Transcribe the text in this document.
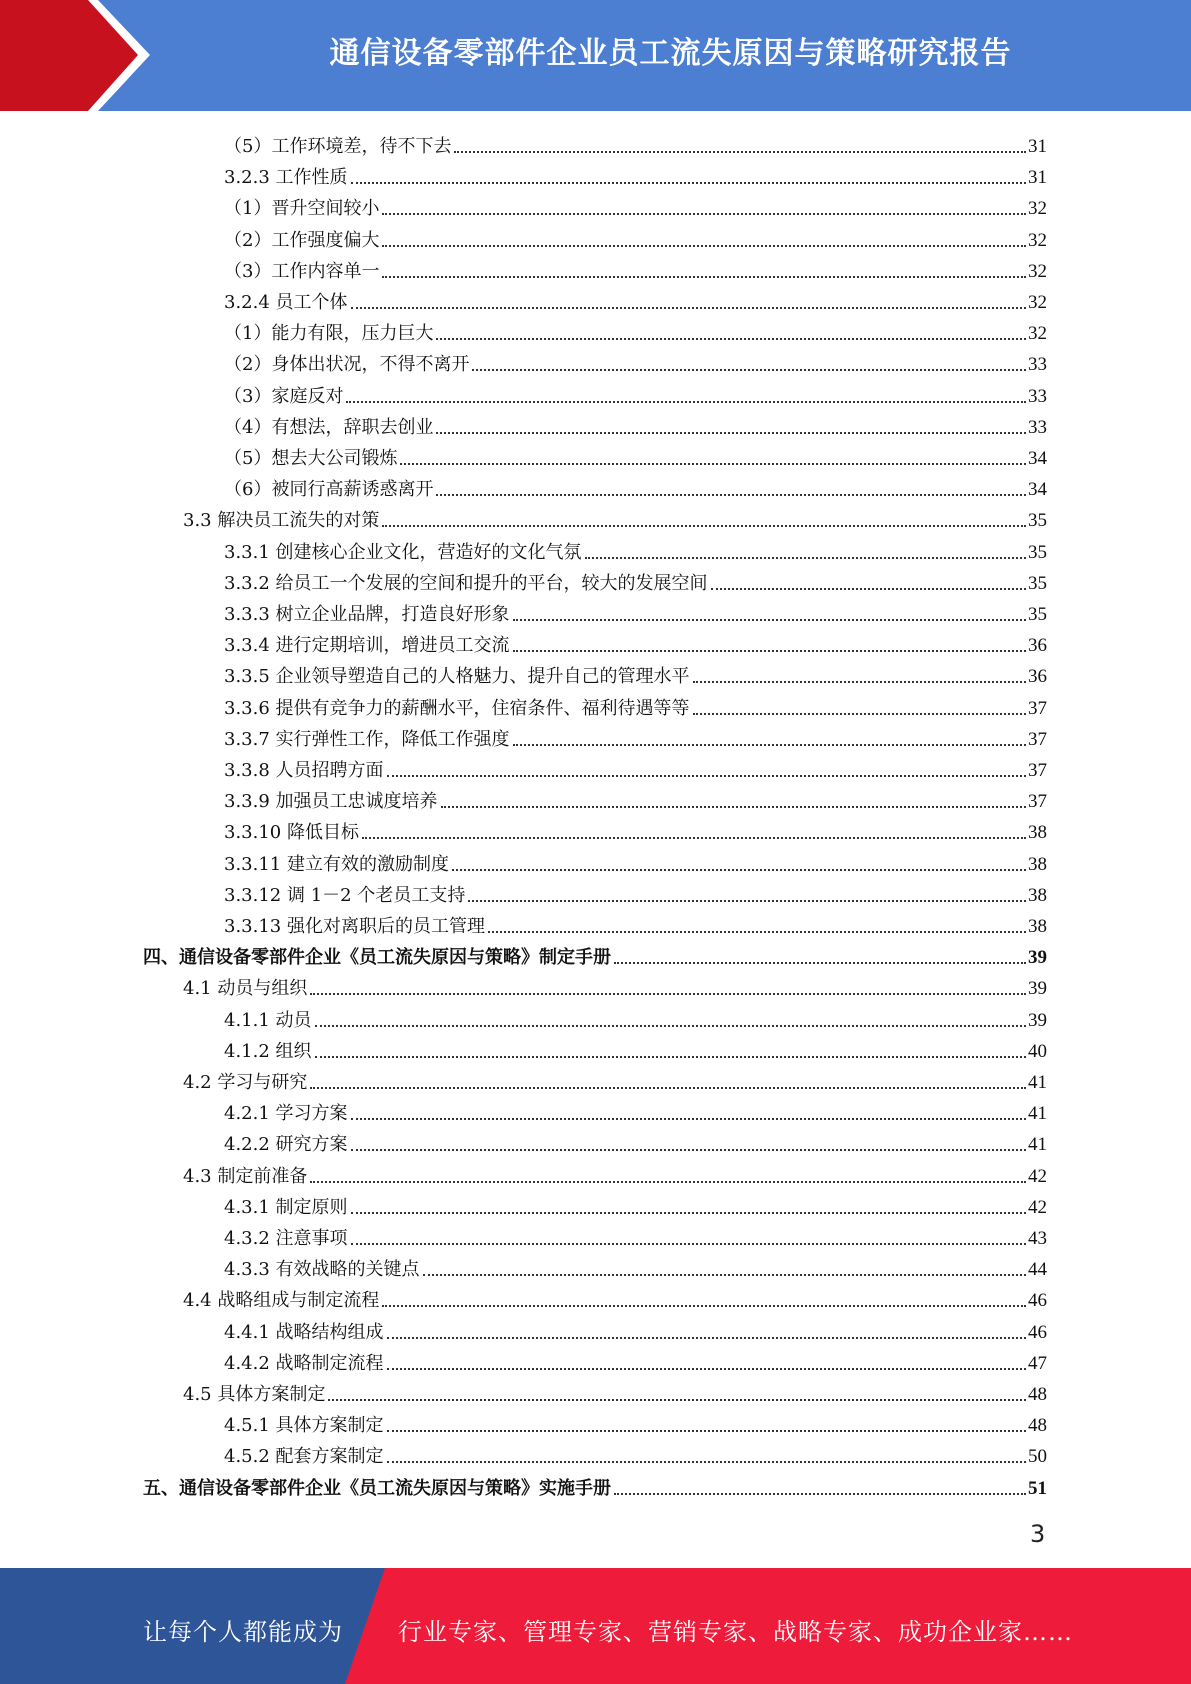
通信设备零部件企业员工流失原因与策略研究报告
（5）工作环境差，待不下去	31
3.2.3 工作性质	31
（1）晋升空间较小	32
（2）工作强度偏大	32
（3）工作内容单一	32
3.2.4 员工个体	32
（1）能力有限，压力巨大	32
（2）身体出状况，不得不离开	33
（3）家庭反对	33
（4）有想法，辞职去创业	33
（5）想去大公司锻炼	34
（6）被同行高薪诱惑离开	34
3.3 解决员工流失的对策	35
3.3.1 创建核心企业文化，营造好的文化气氛	35
3.3.2 给员工一个发展的空间和提升的平台，较大的发展空间	35
3.3.3 树立企业品牌，打造良好形象	35
3.3.4 进行定期培训，增进员工交流	36
3.3.5 企业领导塑造自己的人格魅力、提升自己的管理水平	36
3.3.6 提供有竞争力的薪酬水平，住宿条件、福利待遇等等	37
3.3.7 实行弹性工作，降低工作强度	37
3.3.8 人员招聘方面	37
3.3.9 加强员工忠诚度培养	37
3.3.10 降低目标	38
3.3.11 建立有效的激励制度	38
3.3.12 调 1－2 个老员工支持	38
3.3.13 强化对离职后的员工管理	38
四、通信设备零部件企业《员工流失原因与策略》制定手册	39
4.1 动员与组织	39
4.1.1 动员	39
4.1.2 组织	40
4.2 学习与研究	41
4.2.1 学习方案	41
4.2.2 研究方案	41
4.3 制定前准备	42
4.3.1 制定原则	42
4.3.2 注意事项	43
4.3.3 有效战略的关键点	44
4.4 战略组成与制定流程	46
4.4.1 战略结构组成	46
4.4.2 战略制定流程	47
4.5 具体方案制定	48
4.5.1 具体方案制定	48
4.5.2 配套方案制定	50
五、通信设备零部件企业《员工流失原因与策略》实施手册	51
3
让每个人都能成为 行业专家、管理专家、营销专家、战略专家、成功企业家……
